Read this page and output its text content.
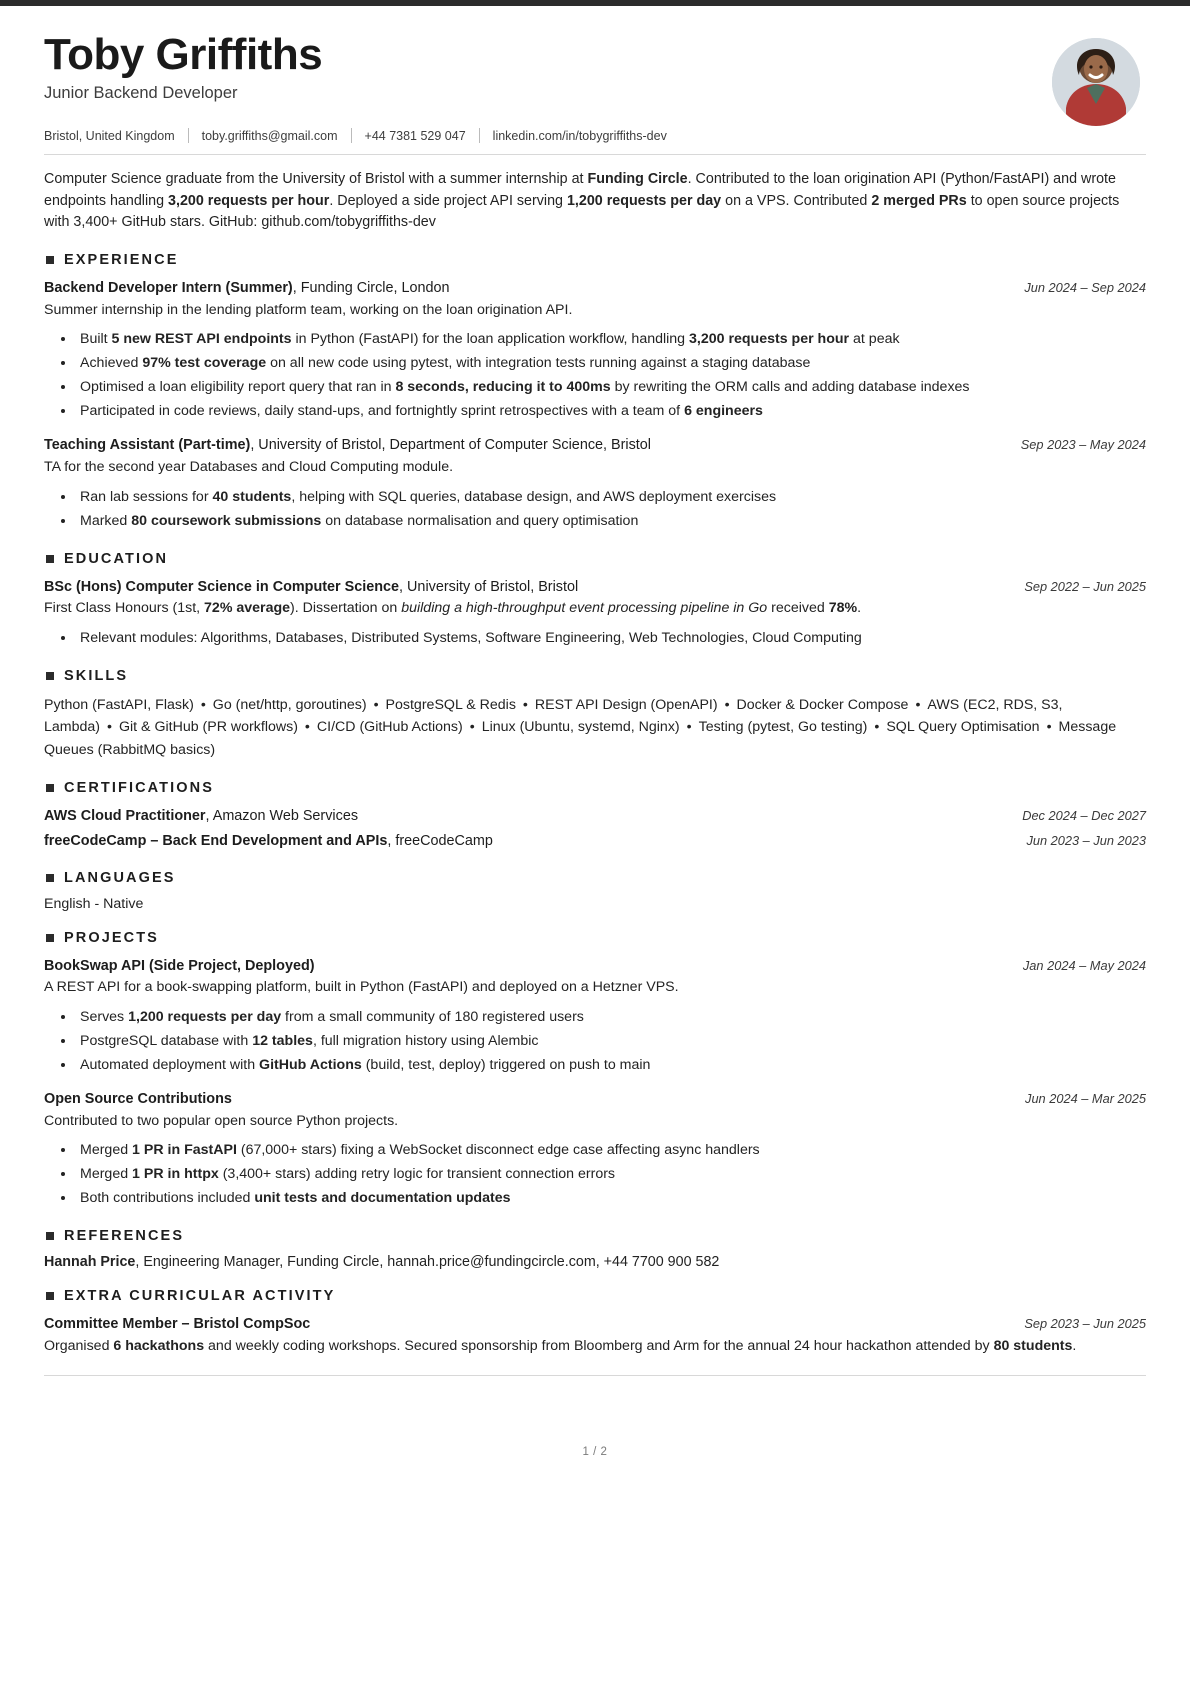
Toby Griffiths
Junior Backend Developer
Bristol, United Kingdom	toby.griffiths@gmail.com	+44 7381 529 047	linkedin.com/in/tobygriffiths-dev
Computer Science graduate from the University of Bristol with a summer internship at Funding Circle. Contributed to the loan origination API (Python/FastAPI) and wrote endpoints handling 3,200 requests per hour. Deployed a side project API serving 1,200 requests per day on a VPS. Contributed 2 merged PRs to open source projects with 3,400+ GitHub stars. GitHub: github.com/tobygriffiths-dev
EXPERIENCE
Backend Developer Intern (Summer), Funding Circle, London	Jun 2024 – Sep 2024
Summer internship in the lending platform team, working on the loan origination API.
• Built 5 new REST API endpoints in Python (FastAPI) for the loan application workflow, handling 3,200 requests per hour at peak
• Achieved 97% test coverage on all new code using pytest, with integration tests running against a staging database
• Optimised a loan eligibility report query that ran in 8 seconds, reducing it to 400ms by rewriting the ORM calls and adding database indexes
• Participated in code reviews, daily stand-ups, and fortnightly sprint retrospectives with a team of 6 engineers
Teaching Assistant (Part-time), University of Bristol, Department of Computer Science, Bristol	Sep 2023 – May 2024
TA for the second year Databases and Cloud Computing module.
• Ran lab sessions for 40 students, helping with SQL queries, database design, and AWS deployment exercises
• Marked 80 coursework submissions on database normalisation and query optimisation
EDUCATION
BSc (Hons) Computer Science in Computer Science, University of Bristol, Bristol	Sep 2022 – Jun 2025
First Class Honours (1st, 72% average). Dissertation on building a high-throughput event processing pipeline in Go received 78%.
• Relevant modules: Algorithms, Databases, Distributed Systems, Software Engineering, Web Technologies, Cloud Computing
SKILLS
Python (FastAPI, Flask) • Go (net/http, goroutines) • PostgreSQL & Redis • REST API Design (OpenAPI) • Docker & Docker Compose • AWS (EC2, RDS, S3, Lambda) • Git & GitHub (PR workflows) • CI/CD (GitHub Actions) • Linux (Ubuntu, systemd, Nginx) • Testing (pytest, Go testing) • SQL Query Optimisation • Message Queues (RabbitMQ basics)
CERTIFICATIONS
AWS Cloud Practitioner, Amazon Web Services	Dec 2024 – Dec 2027
freeCodeCamp – Back End Development and APIs, freeCodeCamp	Jun 2023 – Jun 2023
LANGUAGES
English - Native
PROJECTS
BookSwap API (Side Project, Deployed)	Jan 2024 – May 2024
A REST API for a book-swapping platform, built in Python (FastAPI) and deployed on a Hetzner VPS.
• Serves 1,200 requests per day from a small community of 180 registered users
• PostgreSQL database with 12 tables, full migration history using Alembic
• Automated deployment with GitHub Actions (build, test, deploy) triggered on push to main
Open Source Contributions	Jun 2024 – Mar 2025
Contributed to two popular open source Python projects.
• Merged 1 PR in FastAPI (67,000+ stars) fixing a WebSocket disconnect edge case affecting async handlers
• Merged 1 PR in httpx (3,400+ stars) adding retry logic for transient connection errors
• Both contributions included unit tests and documentation updates
REFERENCES
Hannah Price, Engineering Manager, Funding Circle, hannah.price@fundingcircle.com, +44 7700 900 582
EXTRA CURRICULAR ACTIVITY
Committee Member – Bristol CompSoc	Sep 2023 – Jun 2025
Organised 6 hackathons and weekly coding workshops. Secured sponsorship from Bloomberg and Arm for the annual 24 hour hackathon attended by 80 students.
1 / 2
